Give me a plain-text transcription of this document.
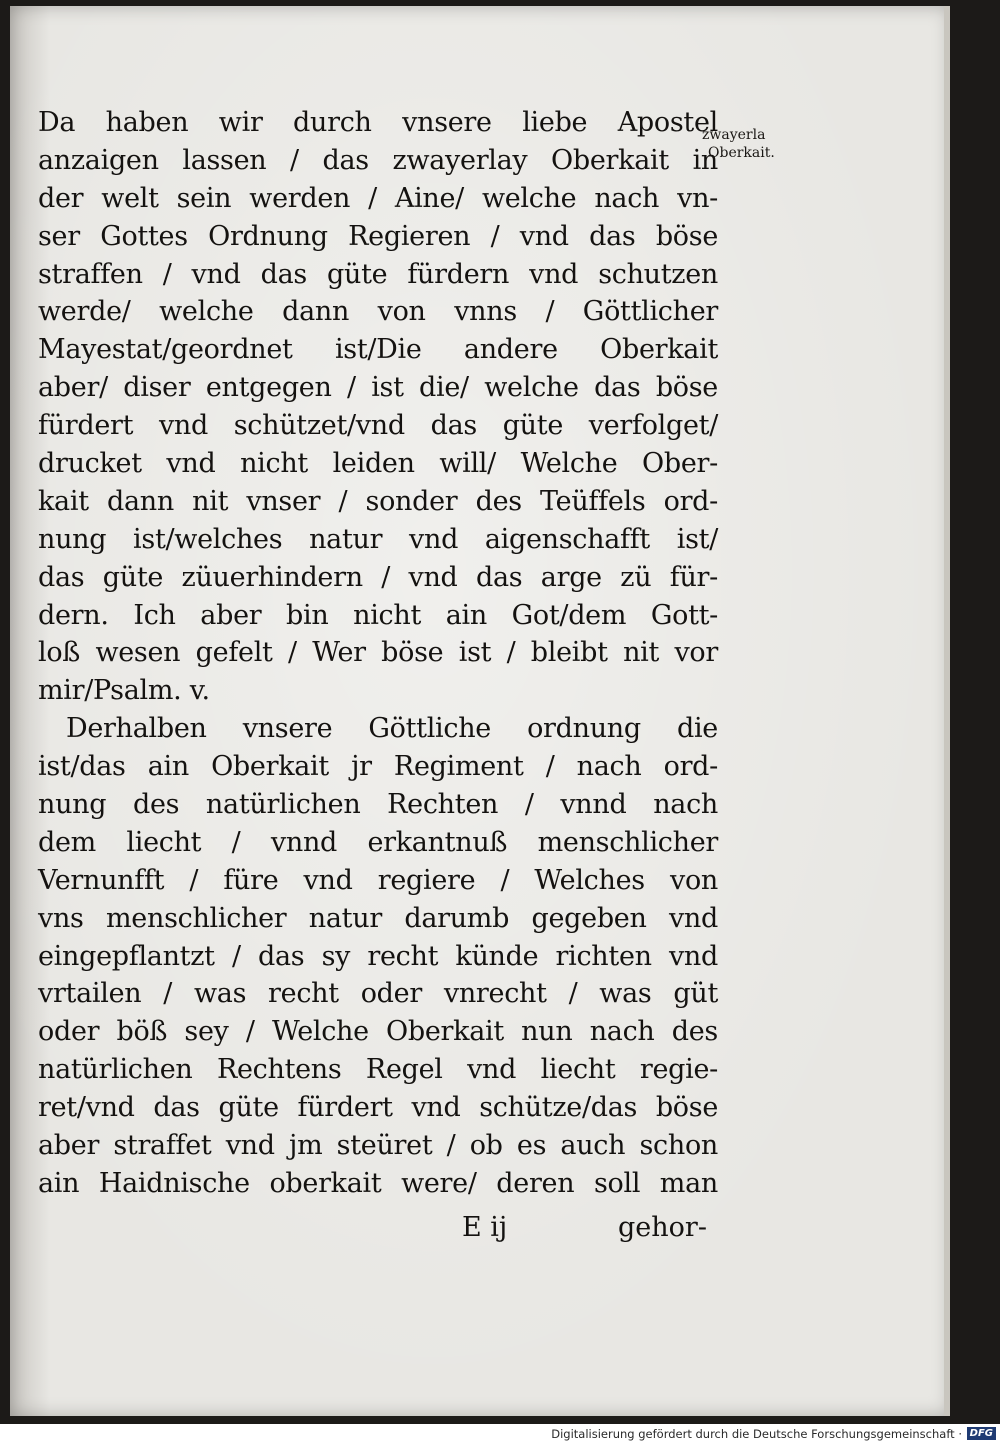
Da haben wir durch vnsere liebe Apostel
anzaigen lassen / das zwayerlay Oberkait in
der welt sein werden / Aine/ welche nach vn-
ser Gottes Ordnung Regieren / vnd das böse
straffen / vnd das güte fürdern vnd schutzen
werde/ welche dann von vnns / Göttlicher
Mayestat/geordnet ist/Die andere Oberkait
aber/ diser entgegen / ist die/ welche das böse
fürdert vnd schützet/vnd das güte verfolget/
drucket vnd nicht leiden will/ Welche Ober-
kait dann nit vnser / sonder des Teüffels ord-
nung ist/welches natur vnd aigenschafft ist/
das güte züuerhindern / vnd das arge zü für-
dern. Ich aber bin nicht ain Got/dem Gott-
loß wesen gefelt / Wer böse ist / bleibt nit vor
mir/Psalm. v.
Derhalben vnsere Göttliche ordnung die
ist/das ain Oberkait jr Regiment / nach ord-
nung des natürlichen Rechten / vnnd nach
dem liecht / vnnd erkantnuß menschlicher
Vernunfft / füre vnd regiere / Welches von
vns menschlicher natur darumb gegeben vnd
eingepflantzt / das sy recht künde richten vnd
vrtailen / was recht oder vnrecht / was güt
oder böß sey / Welche Oberkait nun nach des
natürlichen Rechtens Regel vnd liecht regie-
ret/vnd das güte fürdert vnd schütze/das böse
aber straffet vnd jm steüret / ob es auch schon
ain Haidnische oberkait were/ deren soll man
zwayerla
Oberkait.
E ij	gehor-
Digitalisierung gefördert durch die Deutsche Forschungsgemeinschaft · DFG
